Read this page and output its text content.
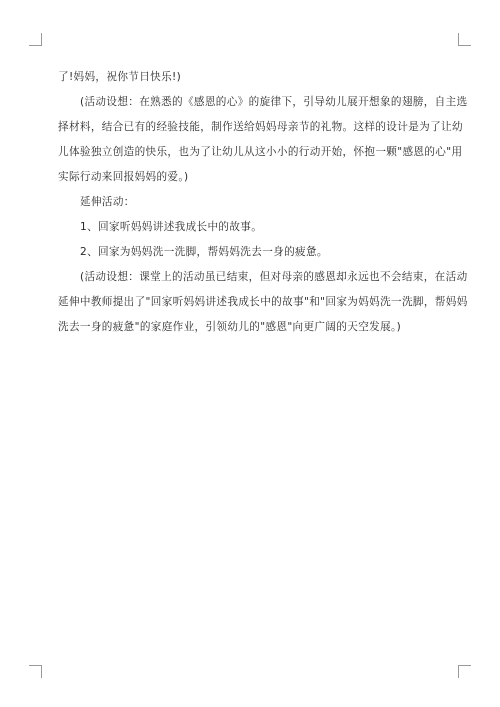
了!妈妈，祝你节日快乐!)
(活动设想：在熟悉的《感恩的心》的旋律下，引导幼儿展开想象的翅膀，自主选
择材料，结合已有的经验技能，制作送给妈妈母亲节的礼物。这样的设计是为了让幼
儿体验独立创造的快乐，也为了让幼儿从这小小的行动开始，怀抱一颗"感恩的心"用
实际行动来回报妈妈的爱。)
延伸活动：
1、回家听妈妈讲述我成长中的故事。
2、回家为妈妈洗一洗脚，帮妈妈洗去一身的疲惫。
(活动设想：课堂上的活动虽已结束，但对母亲的感恩却永远也不会结束，在活动
延伸中教师提出了"回家听妈妈讲述我成长中的故事"和"回家为妈妈洗一洗脚，帮妈妈
洗去一身的疲惫"的家庭作业，引领幼儿的"感恩"向更广阔的天空发展。)
